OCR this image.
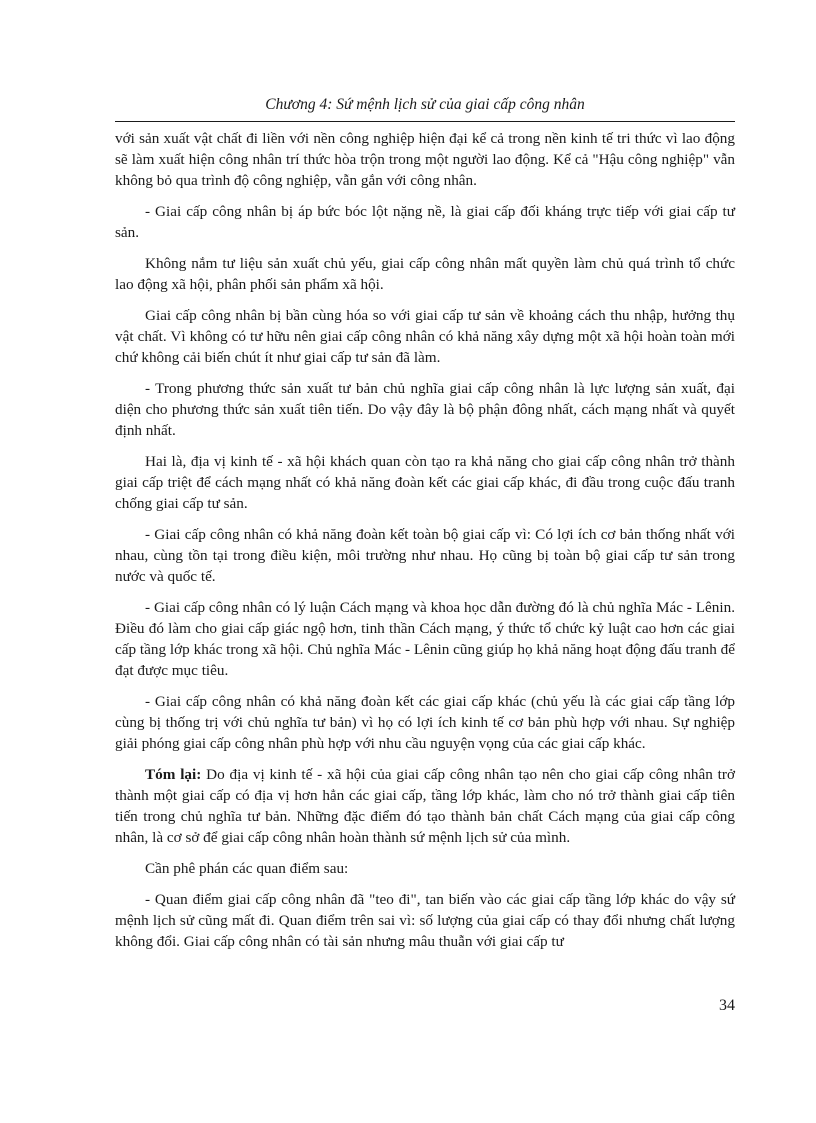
Chương 4: Sứ mệnh lịch sử của giai cấp công nhân

với sản xuất vật chất đi liền với nền công nghiệp hiện đại kể cả trong nền kinh tế tri thức vì lao động sẽ làm xuất hiện công nhân trí thức hòa trộn trong một người lao động. Kể cả "Hậu công nghiệp" vẫn không bỏ qua trình độ công nghiệp, vẫn gắn với công nhân.

- Giai cấp công nhân bị áp bức bóc lột nặng nề, là giai cấp đối kháng trực tiếp với giai cấp tư sản.

Không nắm tư liệu sản xuất chủ yếu, giai cấp công nhân mất quyền làm chủ quá trình tổ chức lao động xã hội, phân phối sản phẩm xã hội.

Giai cấp công nhân bị bần cùng hóa so với giai cấp tư sản về khoảng cách thu nhập, hưởng thụ vật chất. Vì không có tư hữu nên giai cấp công nhân có khả năng xây dựng một xã hội hoàn toàn mới chứ không cải biến chút ít như giai cấp tư sản đã làm.

- Trong phương thức sản xuất tư bản chủ nghĩa giai cấp công nhân là lực lượng sản xuất, đại diện cho phương thức sản xuất tiên tiến. Do vậy đây là bộ phận đông nhất, cách mạng nhất và quyết định nhất.

Hai là, địa vị kinh tế - xã hội khách quan còn tạo ra khả năng cho giai cấp công nhân trở thành giai cấp triệt để cách mạng nhất có khả năng đoàn kết các giai cấp khác, đi đầu trong cuộc đấu tranh chống giai cấp tư sản.

- Giai cấp công nhân có khả năng đoàn kết toàn bộ giai cấp vì: Có lợi ích cơ bản thống nhất với nhau, cùng tồn tại trong điều kiện, môi trường như nhau. Họ cũng bị toàn bộ giai cấp tư sản trong nước và quốc tế.

- Giai cấp công nhân có lý luận Cách mạng và khoa học dẫn đường đó là chủ nghĩa Mác - Lênin. Điều đó làm cho giai cấp giác ngộ hơn, tinh thần Cách mạng, ý thức tổ chức kỷ luật cao hơn các giai cấp tầng lớp khác trong xã hội. Chủ nghĩa Mác - Lênin cũng giúp họ khả năng hoạt động đấu tranh để đạt được mục tiêu.

- Giai cấp công nhân có khả năng đoàn kết các giai cấp khác (chủ yếu là các giai cấp tầng lớp cùng bị thống trị với chủ nghĩa tư bản) vì họ có lợi ích kinh tế cơ bản phù hợp với nhau. Sự nghiệp giải phóng giai cấp công nhân phù hợp với nhu cầu nguyện vọng của các giai cấp khác.

Tóm lại: Do địa vị kinh tế - xã hội của giai cấp công nhân tạo nên cho giai cấp công nhân trở thành một giai cấp có địa vị hơn hẳn các giai cấp, tầng lớp khác, làm cho nó trở thành giai cấp tiên tiến trong chủ nghĩa tư bản. Những đặc điểm đó tạo thành bản chất Cách mạng của giai cấp công nhân, là cơ sở để giai cấp công nhân hoàn thành sứ mệnh lịch sử của mình.

Cần phê phán các quan điểm sau:

- Quan điểm giai cấp công nhân đã "teo đi", tan biến vào các giai cấp tầng lớp khác do vậy sứ mệnh lịch sử cũng mất đi. Quan điểm trên sai vì: số lượng của giai cấp có thay đổi nhưng chất lượng không đổi. Giai cấp công nhân có tài sản nhưng mâu thuẫn với giai cấp tư

34
